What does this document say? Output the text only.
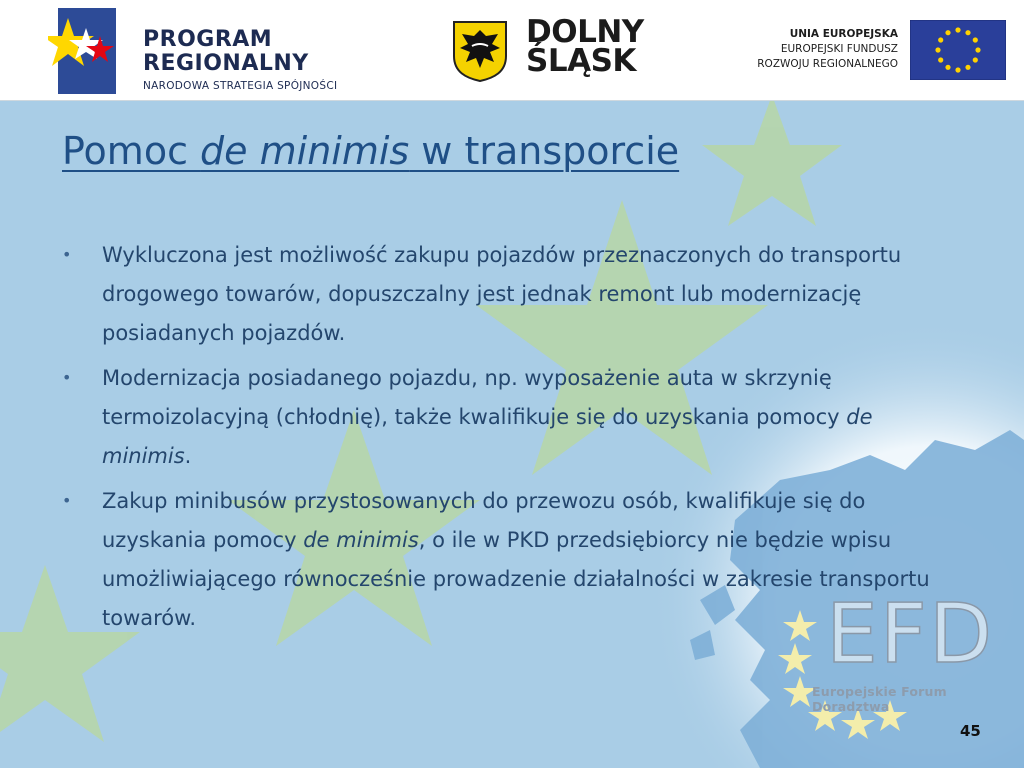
PROGRAM
REGIONALNY
NARODOWA STRATEGIA SPÓJNOŚCI
DOLNY
ŚLĄSK
UNIA EUROPEJSKA
EUROPEJSKI FUNDUSZ
ROZWOJU REGIONALNEGO
Pomoc de minimis w transporcie
• Wykluczona jest możliwość zakupu pojazdów przeznaczonych do transportu drogowego towarów, dopuszczalny jest jednak remont lub modernizację posiadanych pojazdów.
• Modernizacja posiadanego pojazdu, np. wyposażenie auta w skrzynię termoizolacyjną (chłodnię), także kwalifikuje się do uzyskania pomocy de minimis.
• Zakup minibusów przystosowanych do przewozu osób, kwalifikuje się do uzyskania pomocy de minimis, o ile w PKD przedsiębiorcy nie będzie wpisu umożliwiającego równocześnie prowadzenie działalności w zakresie transportu towarów.	EFD
Europejskie Forum Doradztwa
45
